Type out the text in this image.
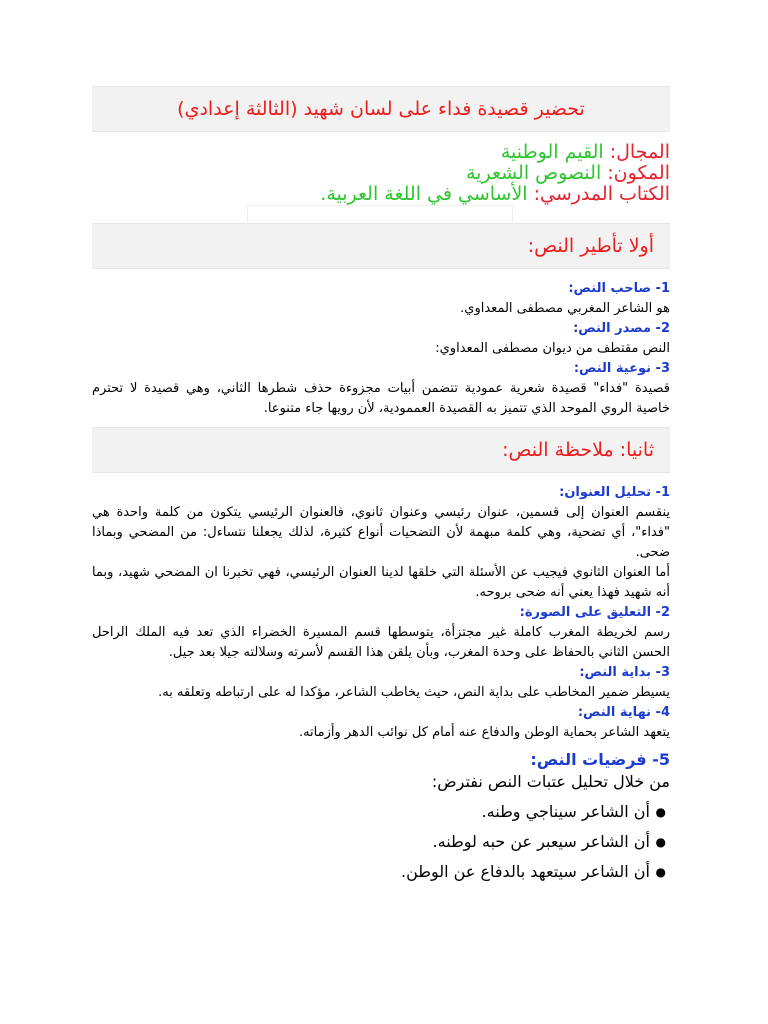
تحضير قصيدة فداء على لسان شهيد (الثالثة إعدادي)
المجال: القيم الوطنية
المكون: النصوص الشعرية
الكتاب المدرسي: الأساسي في اللغة العربية.
أولا تأطير النص:
1- صاحب النص:
هو الشاعر المغربي مصطفى المعداوي.
2- مصدر النص:
النص مقتطف من ديوان مصطفى المعداوي:
3- نوعية النص:
قصيدة "فداء" قصيدة شعرية عمودية تتضمن أبيات مجزوءة حذف شطرها الثاني، وهي قصيدة لا تحترم خاصية الروي الموحد الذي تتميز به القصيدة العممودية، لأن رويها جاء متنوعا.
ثانيا: ملاحظة النص:
1- تحليل العنوان:
ينقسم العنوان إلى قسمين، عنوان رئيسي وعنوان ثانوي، فالعنوان الرئيسي يتكون من كلمة واحدة هي "فداء"، أي تضحية، وهي كلمة مبهمة لأن التضحيات أنواع كثيرة، لذلك يجعلنا نتساءل: من المضحي وبماذا ضحى.
أما العنوان الثانوي فيجيب عن الأسئلة التي خلقها لدينا العنوان الرئيسي، فهي تخبرنا ان المضحي شهيد، وبما أنه شهيد فهذا يعني أنه ضحى بروحه.
2- التعليق على الصورة:
رسم لخريطة المغرب كاملة غير مجتزأة، يتوسطها قسم المسيرة الخضراء الذي تعد فيه الملك الراحل الحسن الثاني بالحفاظ على وحدة المغرب، وبأن يلقن هذا القسم لأسرته وسلالته جيلا بعد جيل.
3- بداية النص:
يسيطر ضمير المخاطب على بداية النص، حيث يخاطب الشاعر، مؤكدا له على ارتباطه وتعلقه به.
4- نهاية النص:
يتعهد الشاعر بحماية الوطن والدفاع عنه أمام كل نوائب الدهر وأزماته.
5- فرضيات النص:
من خلال تحليل عتبات النص نفترض:
●
أن الشاعر سيناجي وطنه.
●
أن الشاعر سيعبر عن حبه لوطنه.
●
أن الشاعر سيتعهد بالدفاع عن الوطن.
